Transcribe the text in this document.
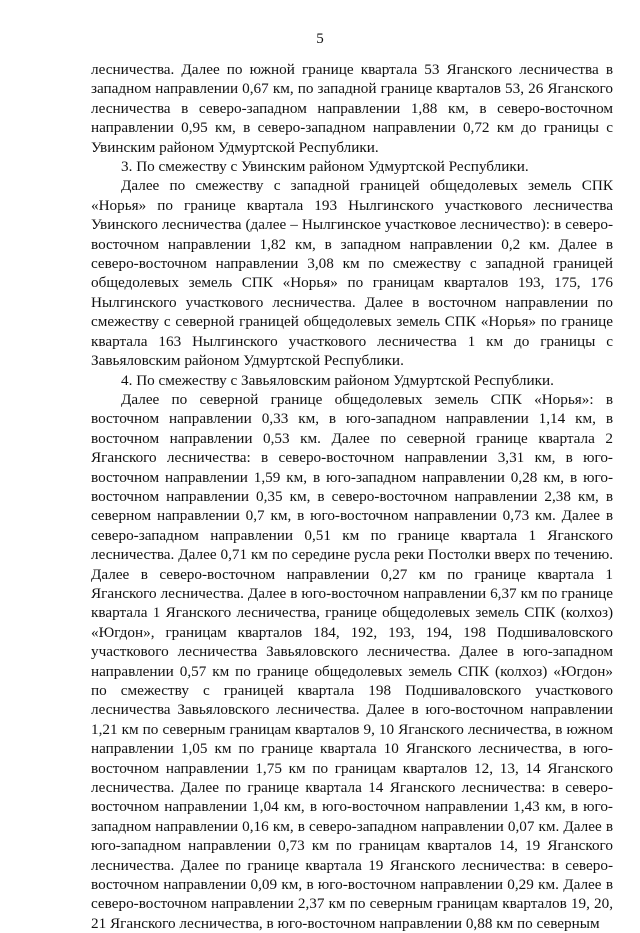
5

лесничества. Далее по южной границе квартала 53 Яганского лесничества в западном направлении 0,67 км, по западной границе кварталов 53, 26 Яганского лесничества в северо-западном направлении 1,88 км, в северо-восточном направлении 0,95 км, в северо-западном направлении 0,72 км до границы с Увинским районом Удмуртской Республики.

3. По смежеству с Увинским районом Удмуртской Республики.

Далее по смежеству с западной границей общедолевых земель СПК «Норья» по границе квартала 193 Нылгинского участкового лесничества Увинского лесничества (далее – Нылгинское участковое лесничество): в северо-восточном направлении 1,82 км, в западном направлении 0,2 км. Далее в северо-восточном направлении 3,08 км по смежеству с западной границей общедолевых земель СПК «Норья» по границам кварталов 193, 175, 176 Нылгинского участкового лесничества. Далее в восточном направлении по смежеству с северной границей общедолевых земель СПК «Норья» по границе квартала 163 Нылгинского участкового лесничества 1 км до границы с Завьяловским районом Удмуртской Республики.

4. По смежеству с Завьяловским районом Удмуртской Республики.

Далее по северной границе общедолевых земель СПК «Норья»: в восточном направлении 0,33 км, в юго-западном направлении 1,14 км, в восточном направлении 0,53 км. Далее по северной границе квартала 2 Яганского лесничества: в северо-восточном направлении 3,31 км, в юго-восточном направлении 1,59 км, в юго-западном направлении 0,28 км, в юго-восточном направлении 0,35 км, в северо-восточном направлении 2,38 км, в северном направлении 0,7 км, в юго-восточном направлении 0,73 км. Далее в северо-западном направлении 0,51 км по границе квартала 1 Яганского лесничества. Далее 0,71 км по середине русла реки Постолки вверх по течению. Далее в северо-восточном направлении 0,27 км по границе квартала 1 Яганского лесничества. Далее в юго-восточном направлении 6,37 км по границе квартала 1 Яганского лесничества, границе общедолевых земель СПК (колхоз) «Югдон», границам кварталов 184, 192, 193, 194, 198 Подшиваловского участкового лесничества Завьяловского лесничества. Далее в юго-западном направлении 0,57 км по границе общедолевых земель СПК (колхоз) «Югдон» по смежеству с границей квартала 198 Подшиваловского участкового лесничества Завьяловского лесничества. Далее в юго-восточном направлении 1,21 км по северным границам кварталов 9, 10 Яганского лесничества, в южном направлении 1,05 км по границе квартала 10 Яганского лесничества, в юго-восточном направлении 1,75 км по границам кварталов 12, 13, 14 Яганского лесничества. Далее по границе квартала 14 Яганского лесничества: в северо-восточном направлении 1,04 км, в юго-восточном направлении 1,43 км, в юго-западном направлении 0,16 км, в северо-западном направлении 0,07 км. Далее в юго-западном направлении 0,73 км по границам кварталов 14, 19 Яганского лесничества. Далее по границе квартала 19 Яганского лесничества: в северо-восточном направлении 0,09 км, в юго-восточном направлении 0,29 км. Далее в северо-восточном направлении 2,37 км по северным границам кварталов 19, 20, 21 Яганского лесничества, в юго-восточном направлении 0,88 км по северным
